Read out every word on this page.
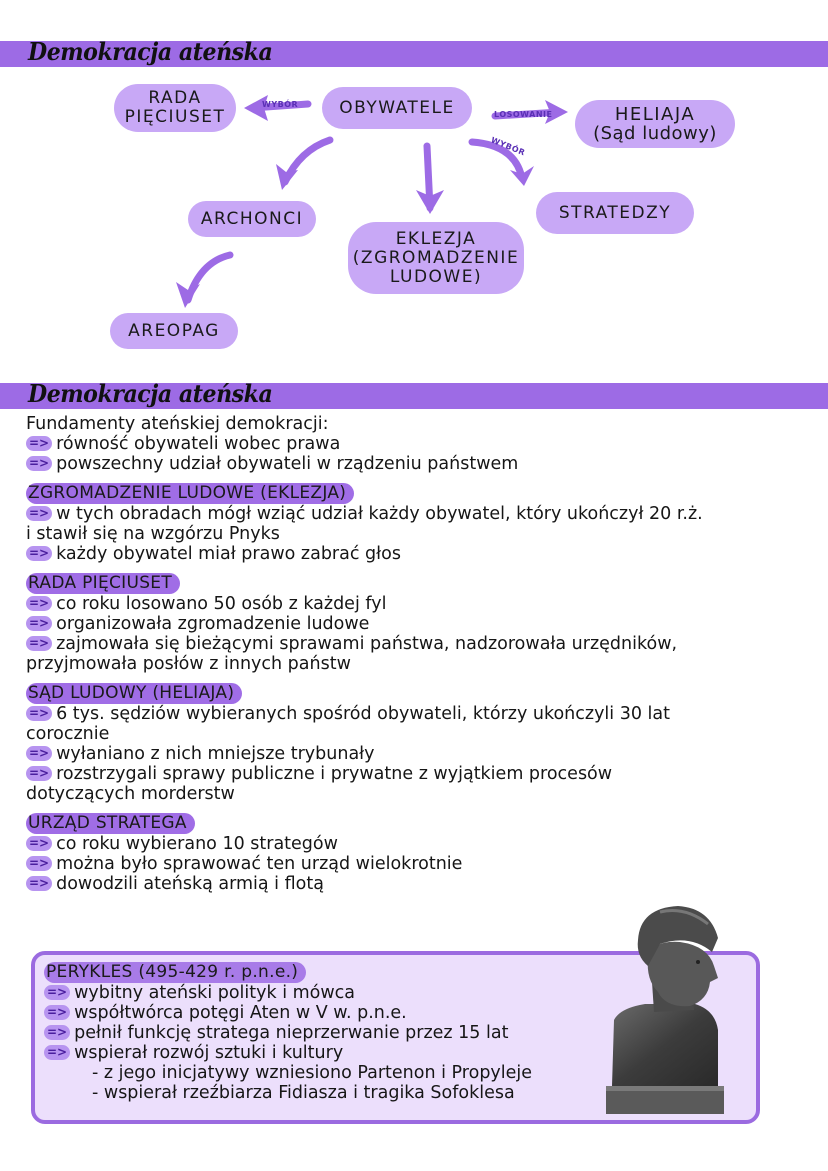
Demokracja ateńska
WYBÓR
LOSOWANIE
WYBÓR
RADA
PIĘCIUSET	OBYWATELE	HELIAJA
(Sąd ludowy)
STRATEDZY
ARCHONCI
EKLEZJA
(ZGROMADZENIE
LUDOWE)
AREOPAG
Demokracja ateńska
Fundamenty ateńskiej demokracji:
=> równość obywateli wobec prawa
=> powszechny udział obywateli w rządzeniu państwem
ZGROMADZENIE LUDOWE (EKLEZJA)
=> w tych obradach mógł wziąć udział każdy obywatel, który ukończył 20 r.ż.
i stawił się na wzgórzu Pnyks
=> każdy obywatel miał prawo zabrać głos
RADA PIĘCIUSET
=> co roku losowano 50 osób z każdej fyl
=> organizowała zgromadzenie ludowe
=> zajmowała się bieżącymi sprawami państwa, nadzorowała urzędników,
przyjmowała posłów z innych państw
SĄD LUDOWY (HELIAJA)
=> 6 tys. sędziów wybieranych spośród obywateli, którzy ukończyli 30 lat
corocznie
=> wyłaniano z nich mniejsze trybunały
=> rozstrzygali sprawy publiczne i prywatne z wyjątkiem procesów
dotyczących morderstw
URZĄD STRATEGA
=> co roku wybierano 10 strategów
=> można było sprawować ten urząd wielokrotnie
=> dowodzili ateńską armią i flotą
PERYKLES (495-429 r. p.n.e.)
=> wybitny ateński polityk i mówca
=> współtwórca potęgi Aten w V w. p.n.e.
=> pełnił funkcję stratega nieprzerwanie przez 15 lat
=> wspierał rozwój sztuki i kultury
- z jego inicjatywy wzniesiono Partenon i Propyleje
- wspierał rzeźbiarza Fidiasza i tragika Sofoklesa
